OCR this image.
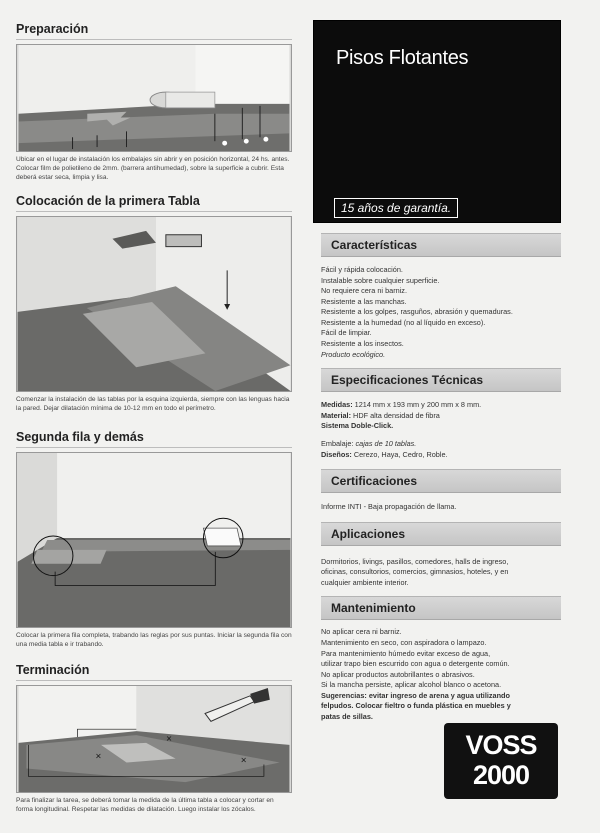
Preparación
Ubicar en el lugar de instalación los embalajes sin abrir y en posición horizontal, 24 hs. antes. Colocar film de polietileno de 2mm. (barrera antihumedad), sobre la superficie a cubrir. Esta deberá estar seca, limpia y lisa.
Colocación de la primera Tabla
Comenzar la instalación de las tablas por la esquina izquierda, siempre con las lenguas hacia la pared. Dejar dilatación mínima de 10-12 mm en todo el perímetro.
Segunda fila y demás
Colocar la primera fila completa, trabando las reglas por sus puntas. Iniciar la segunda fila con una media tabla e ir trabando.
Terminación
×
×
×
Para finalizar la tarea, se deberá tomar la medida de la última tabla a colocar y cortar en forma longitudinal. Respetar las medidas de dilatación. Luego instalar los zócalos.
Pisos Flotantes
15 años de garantía.
Características
Fácil y rápida colocación.
Instalable sobre cualquier superficie.
No requiere cera ni barniz.
Resistente a las manchas.
Resistente a los golpes, rasguños, abrasión y quemaduras.
Resistente a la humedad (no al líquido en exceso).
Fácil de limpiar.
Resistente a los insectos.
Producto ecológico.
Especificaciones Técnicas
Medidas: 1214 mm x 193 mm y 200 mm x 8 mm.
Material: HDF alta densidad de fibra
Sistema Doble-Click.
Embalaje: cajas de 10 tablas.
Diseños: Cerezo, Haya, Cedro, Roble.
Certificaciones
Informe INTI - Baja propagación de llama.
Aplicaciones
Dormitorios, livings, pasillos, comedores, halls de ingreso,
oficinas, consultorios, comercios, gimnasios, hoteles, y en
cualquier ambiente interior.
Mantenimiento
No aplicar cera ni barniz.
Mantenimiento en seco, con aspiradora o lampazo.
Para mantenimiento húmedo evitar exceso de agua,
utilizar trapo bien escurrido con agua o detergente común.
No aplicar productos autobrillantes o abrasivos.
Si la mancha persiste, aplicar alcohol blanco o acetona.
Sugerencias: evitar ingreso de arena y agua utilizando
felpudos. Colocar fieltro o funda plástica en muebles y
patas de sillas.
VOSS
2000
